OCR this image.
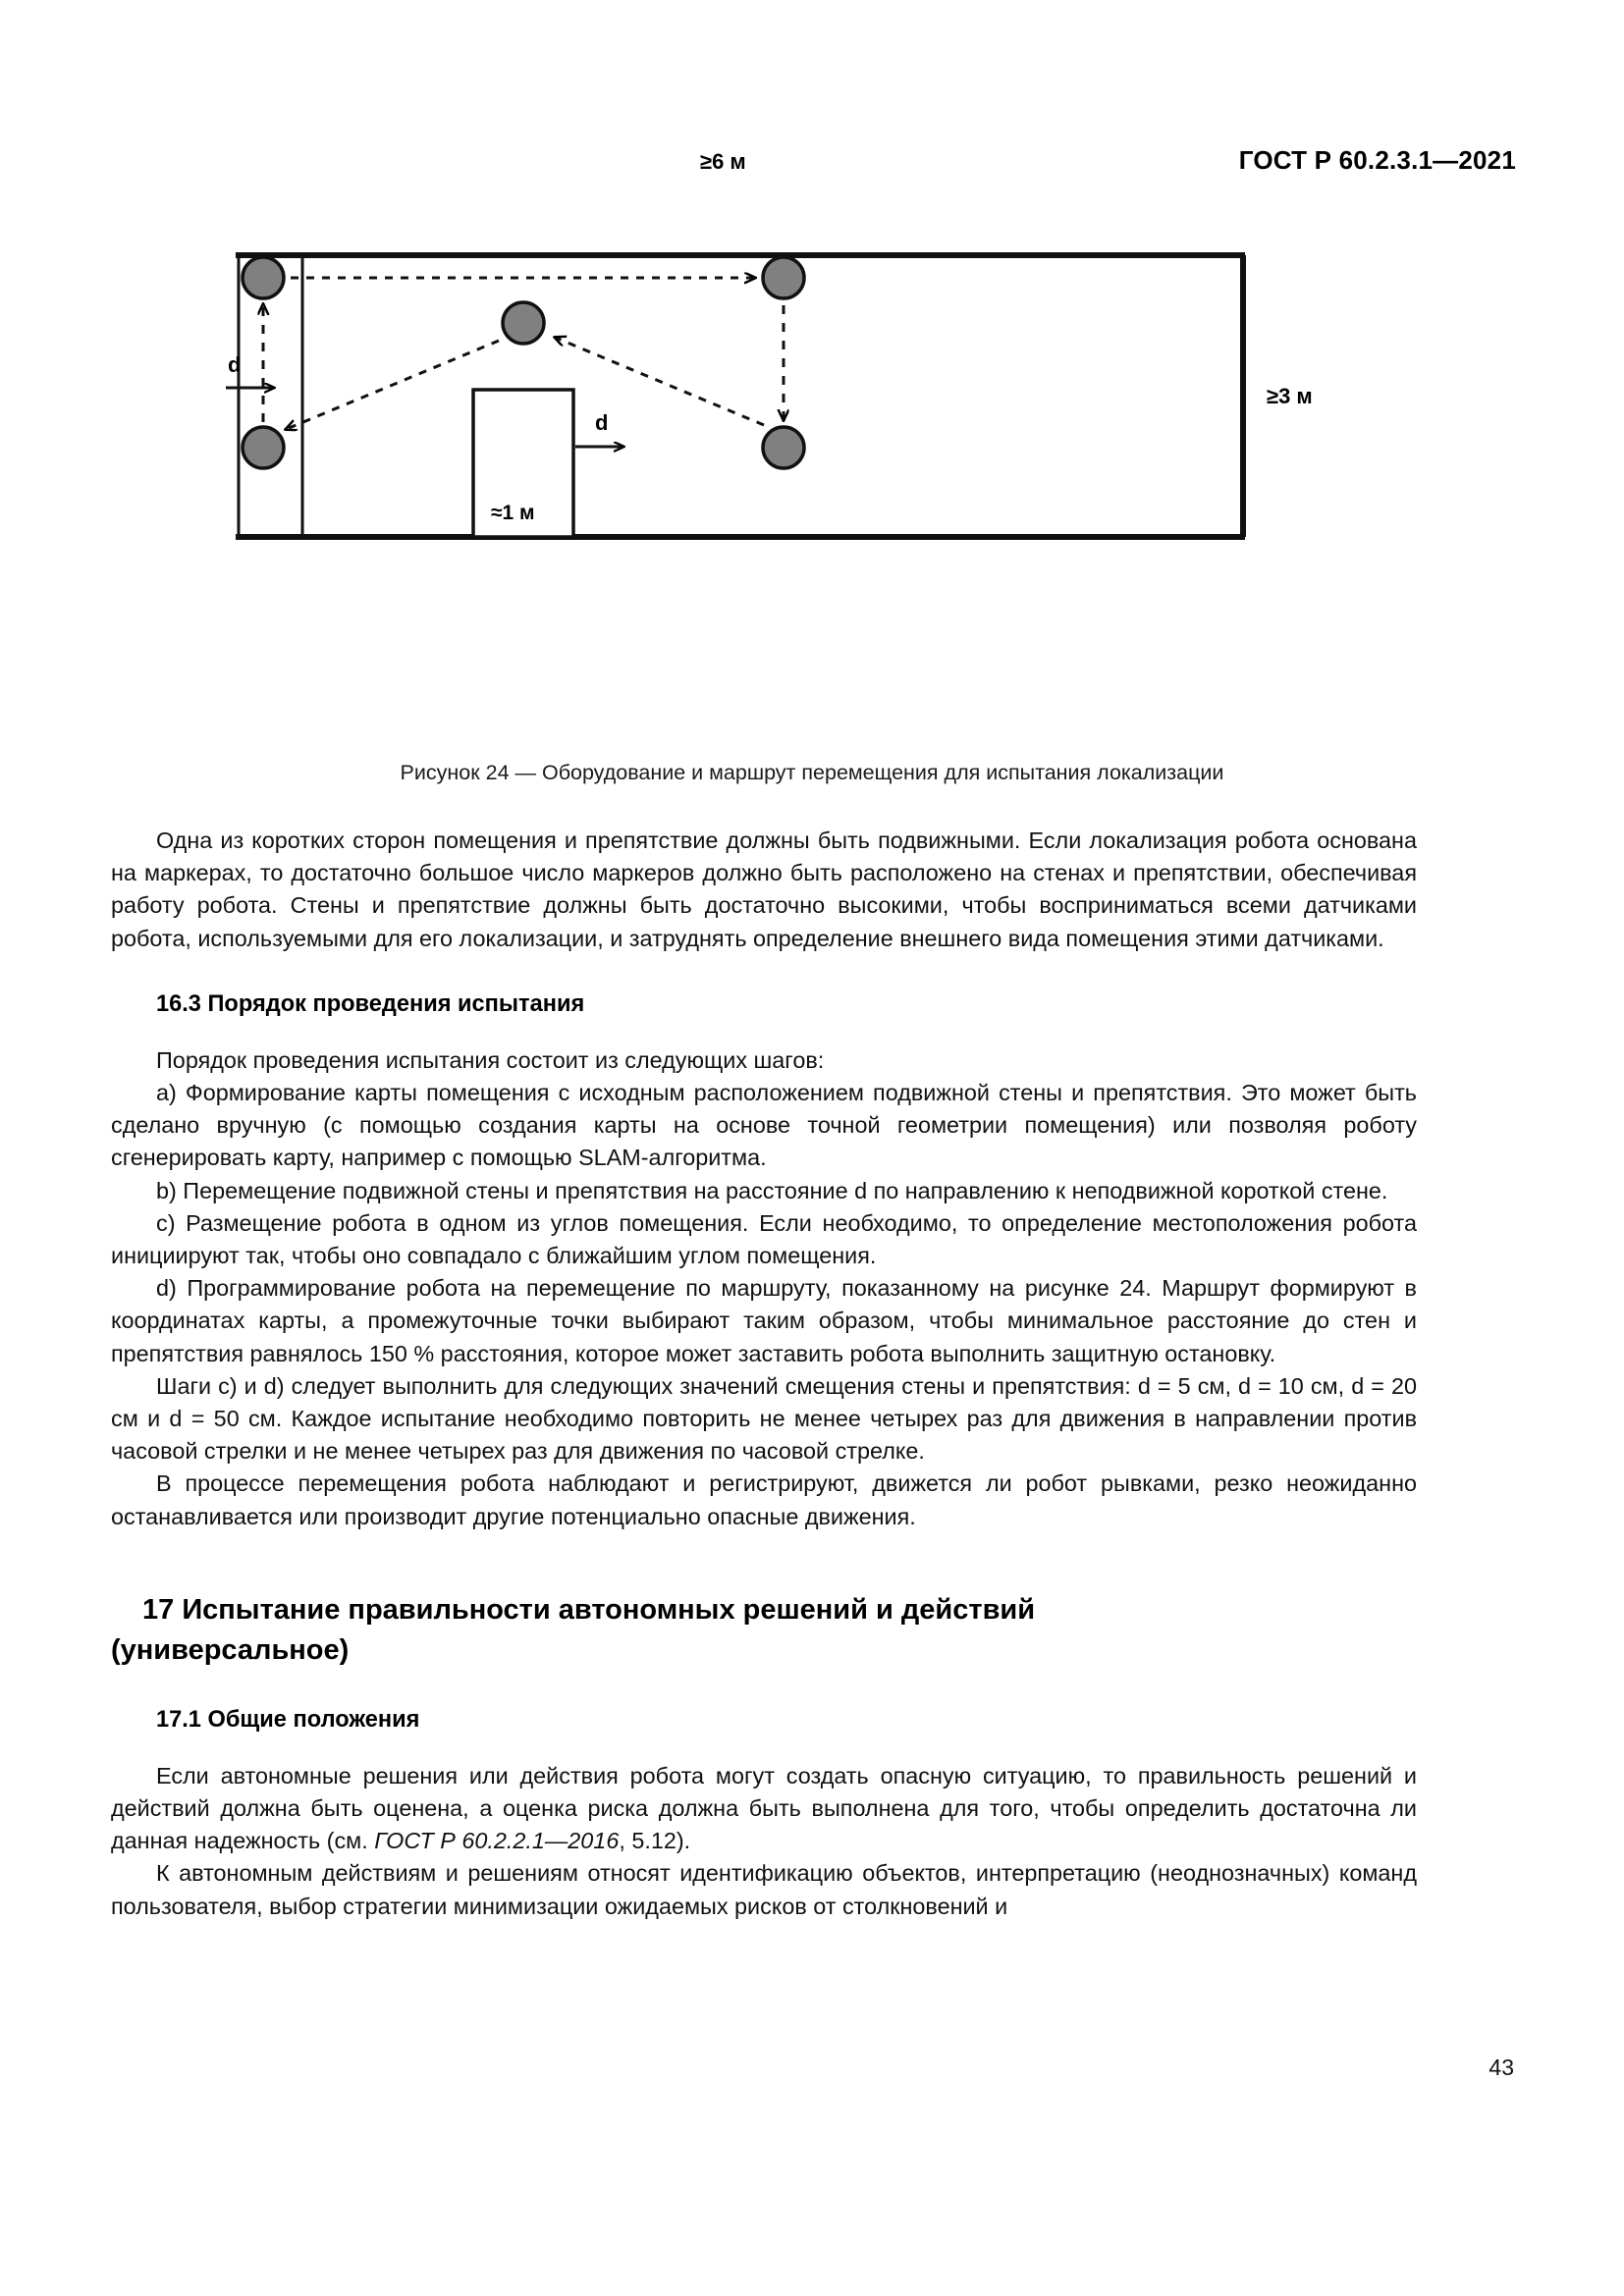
ГОСТ Р 60.2.3.1—2021
≥6 м
≥3 м
d
d
≈1 м
Рисунок 24 — Оборудование и маршрут перемещения для испытания локализации

Одна из коротких сторон помещения и препятствие должны быть подвижными. Если локализация робота основана на маркерах, то достаточно большое число маркеров должно быть расположено на стенах и препятствии, обеспечивая работу робота. Стены и препятствие должны быть достаточно высокими, чтобы восприниматься всеми датчиками робота, используемыми для его локализации, и затруднять определение внешнего вида помещения этими датчиками.

16.3 Порядок проведения испытания

Порядок проведения испытания состоит из следующих шагов:

a) Формирование карты помещения с исходным расположением подвижной стены и препятствия. Это может быть сделано вручную (с помощью создания карты на основе точной геометрии помещения) или позволяя роботу сгенерировать карту, например с помощью SLAM-алгоритма.

b) Перемещение подвижной стены и препятствия на расстояние d по направлению к неподвижной короткой стене.

c) Размещение робота в одном из углов помещения. Если необходимо, то определение местоположения робота инициируют так, чтобы оно совпадало с ближайшим углом помещения.

d) Программирование робота на перемещение по маршруту, показанному на рисунке 24. Маршрут формируют в координатах карты, а промежуточные точки выбирают таким образом, чтобы минимальное расстояние до стен и препятствия равнялось 150 % расстояния, которое может заставить робота выполнить защитную остановку.

Шаги c) и d) следует выполнить для следующих значений смещения стены и препятствия: d = 5 см, d = 10 см, d = 20 см и d = 50 см. Каждое испытание необходимо повторить не менее четырех раз для движения в направлении против часовой стрелки и не менее четырех раз для движения по часовой стрелке.

В процессе перемещения робота наблюдают и регистрируют, движется ли робот рывками, резко неожиданно останавливается или производит другие потенциально опасные движения.

17 Испытание правильности автономных решений и действий (универсальное)
17.1 Общие положения

Если автономные решения или действия робота могут создать опасную ситуацию, то правильность решений и действий должна быть оценена, а оценка риска должна быть выполнена для того, чтобы определить достаточна ли данная надежность (см. ГОСТ Р 60.2.2.1—2016, 5.12).

К автономным действиям и решениям относят идентификацию объектов, интерпретацию (неоднозначных) команд пользователя, выбор стратегии минимизации ожидаемых рисков от столкновений и

43
